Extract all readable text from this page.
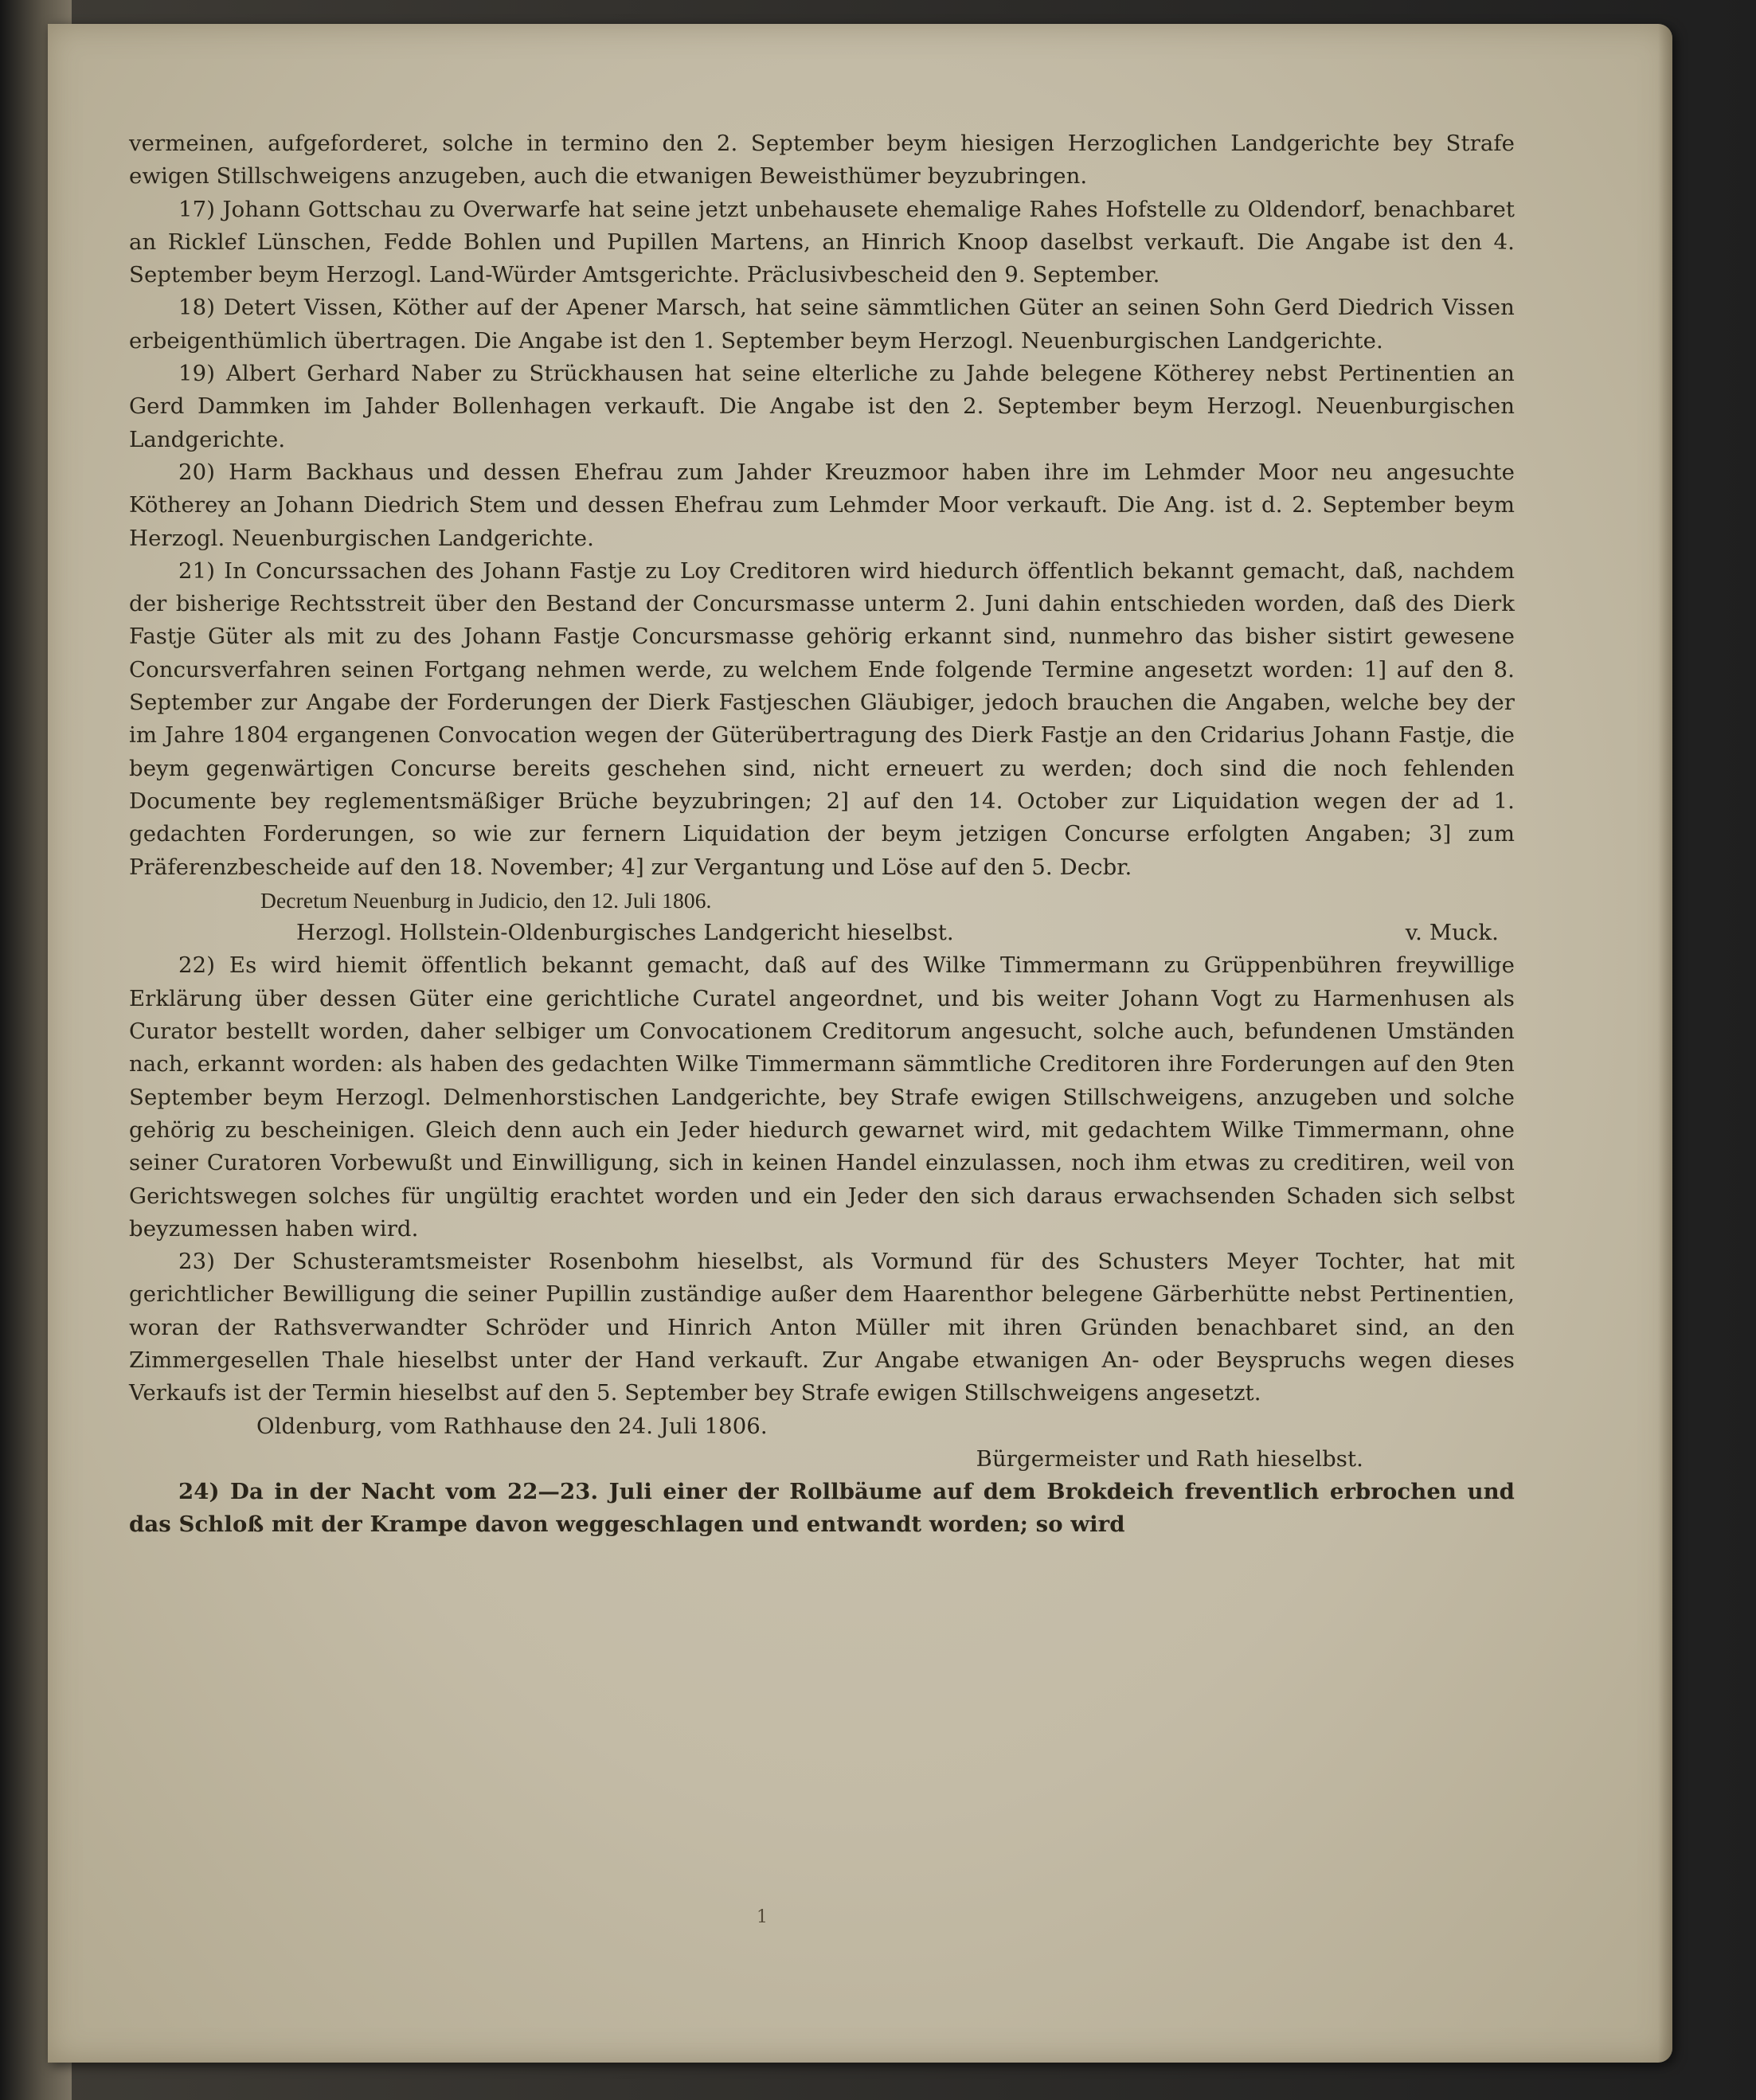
vermeinen, aufgeforderet, solche in termino den 2. September beym hiesigen Herzoglichen Landgerichte bey Strafe ewigen Stillschweigens anzugeben, auch die etwanigen Beweisthümer beyzubringen.

17) Johann Gottschau zu Overwarfe hat seine jetzt unbehausete ehemalige Rahes Hofstelle zu Oldendorf, benachbaret an Ricklef Lünschen, Fedde Bohlen und Pupillen Martens, an Hinrich Knoop daselbst verkauft. Die Angabe ist den 4. September beym Herzogl. Land-Würder Amtsgerichte. Präclusivbescheid den 9. September.

18) Detert Vissen, Köther auf der Apener Marsch, hat seine sämmtlichen Güter an seinen Sohn Gerd Diedrich Vissen erbeigenthümlich übertragen. Die Angabe ist den 1. September beym Herzogl. Neuenburgischen Landgerichte.

19) Albert Gerhard Naber zu Strückhausen hat seine elterliche zu Jahde belegene Kötherey nebst Pertinentien an Gerd Dammken im Jahder Bollenhagen verkauft. Die Angabe ist den 2. September beym Herzogl. Neuenburgischen Landgerichte.

20) Harm Backhaus und dessen Ehefrau zum Jahder Kreuzmoor haben ihre im Lehmder Moor neu angesuchte Kötherey an Johann Diedrich Stem und dessen Ehefrau zum Lehmder Moor verkauft. Die Ang. ist d. 2. September beym Herzogl. Neuenburgischen Landgerichte.

21) In Concurssachen des Johann Fastje zu Loy Creditoren wird hiedurch öffentlich bekannt gemacht, daß, nachdem der bisherige Rechtsstreit über den Bestand der Concursmasse unterm 2. Juni dahin entschieden worden, daß des Dierk Fastje Güter als mit zu des Johann Fastje Concursmasse gehörig erkannt sind, nunmehro das bisher sistirt gewesene Concursverfahren seinen Fortgang nehmen werde, zu welchem Ende folgende Termine angesetzt worden: 1] auf den 8. September zur Angabe der Forderungen der Dierk Fastjeschen Gläubiger, jedoch brauchen die Angaben, welche bey der im Jahre 1804 ergangenen Convocation wegen der Güterübertragung des Dierk Fastje an den Cridarius Johann Fastje, die beym gegenwärtigen Concurse bereits geschehen sind, nicht erneuert zu werden; doch sind die noch fehlenden Documente bey reglementsmäßiger Brüche beyzubringen; 2] auf den 14. October zur Liquidation wegen der ad 1. gedachten Forderungen, so wie zur fernern Liquidation der beym jetzigen Concurse erfolgten Angaben; 3] zum Präferenzbescheide auf den 18. November; 4] zur Vergantung und Löse auf den 5. Decbr.

Decretum Neuenburg in Judicio, den 12. Juli 1806.

Herzogl. Hollstein-Oldenburgisches Landgericht hieselbst.	v. Muck.

22) Es wird hiemit öffentlich bekannt gemacht, daß auf des Wilke Timmermann zu Grüppenbühren freywillige Erklärung über dessen Güter eine gerichtliche Curatel angeordnet, und bis weiter Johann Vogt zu Harmenhusen als Curator bestellt worden, daher selbiger um Convocationem Creditorum angesucht, solche auch, befundenen Umständen nach, erkannt worden: als haben des gedachten Wilke Timmermann sämmtliche Creditoren ihre Forderungen auf den 9ten September beym Herzogl. Delmenhorstischen Landgerichte, bey Strafe ewigen Stillschweigens, anzugeben und solche gehörig zu bescheinigen. Gleich denn auch ein Jeder hiedurch gewarnet wird, mit gedachtem Wilke Timmermann, ohne seiner Curatoren Vorbewußt und Einwilligung, sich in keinen Handel einzulassen, noch ihm etwas zu creditiren, weil von Gerichtswegen solches für ungültig erachtet worden und ein Jeder den sich daraus erwachsenden Schaden sich selbst beyzumessen haben wird.

23) Der Schusteramtsmeister Rosenbohm hieselbst, als Vormund für des Schusters Meyer Tochter, hat mit gerichtlicher Bewilligung die seiner Pupillin zuständige außer dem Haarenthor belegene Gärberhütte nebst Pertinentien, woran der Rathsverwandter Schröder und Hinrich Anton Müller mit ihren Gründen benachbaret sind, an den Zimmergesellen Thale hieselbst unter der Hand verkauft. Zur Angabe etwanigen An- oder Beyspruchs wegen dieses Verkaufs ist der Termin hieselbst auf den 5. September bey Strafe ewigen Stillschweigens angesetzt.

Oldenburg, vom Rathhause den 24. Juli 1806.

Bürgermeister und Rath hieselbst.

24) Da in der Nacht vom 22—23. Juli einer der Rollbäume auf dem Brokdeich freventlich erbrochen und das Schloß mit der Krampe davon weggeschlagen und entwandt worden; so wird

1
